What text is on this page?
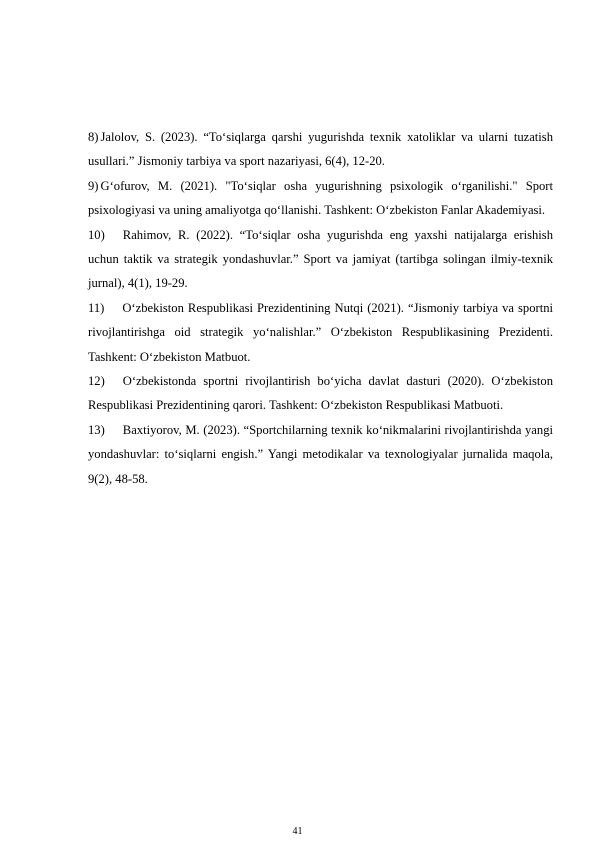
8) Jalolov, S. (2023). “To‘siqlarga qarshi yugurishda texnik xatoliklar va ularni tuzatish usullari.” Jismoniy tarbiya va sport nazariyasi, 6(4), 12-20.

9) G‘ofurov, M. (2021). "To‘siqlar osha yugurishning psixologik o‘rganilishi." Sport psixologiyasi va uning amaliyotga qo‘llanishi. Tashkent: O‘zbekiston Fanlar Akademiyasi.

10) Rahimov, R. (2022). “To‘siqlar osha yugurishda eng yaxshi natijalarga erishish uchun taktik va strategik yondashuvlar.” Sport va jamiyat (tartibga solingan ilmiy-texnik jurnal), 4(1), 19-29.

11) O‘zbekiston Respublikasi Prezidentining Nutqi (2021). “Jismoniy tarbiya va sportni rivojlantirishga oid strategik yo‘nalishlar.” O‘zbekiston Respublikasining Prezidenti. Tashkent: O‘zbekiston Matbuot.

12) O‘zbekistonda sportni rivojlantirish bo‘yicha davlat dasturi (2020). O‘zbekiston Respublikasi Prezidentining qarori. Tashkent: O‘zbekiston Respublikasi Matbuoti.

13) Baxtiyorov, M. (2023). “Sportchilarning texnik ko‘nikmalarini rivojlantirishda yangi yondashuvlar: to‘siqlarni engish.” Yangi metodikalar va texnologiyalar jurnalida maqola, 9(2), 48-58.

41
